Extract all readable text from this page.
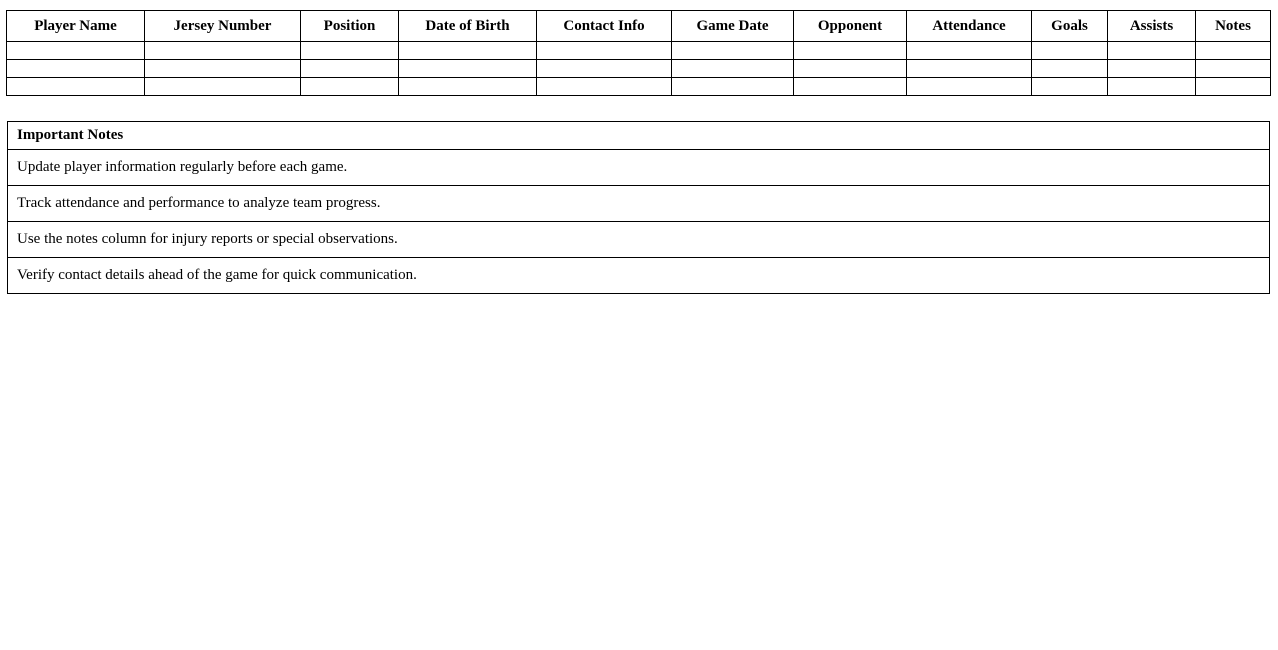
Player Name	Jersey Number	Position	Date of Birth	Contact Info	Game Date	Opponent	Attendance	Goals	Assists	Notes

Important Notes
Update player information regularly before each game.
Track attendance and performance to analyze team progress.
Use the notes column for injury reports or special observations.
Verify contact details ahead of the game for quick communication.
